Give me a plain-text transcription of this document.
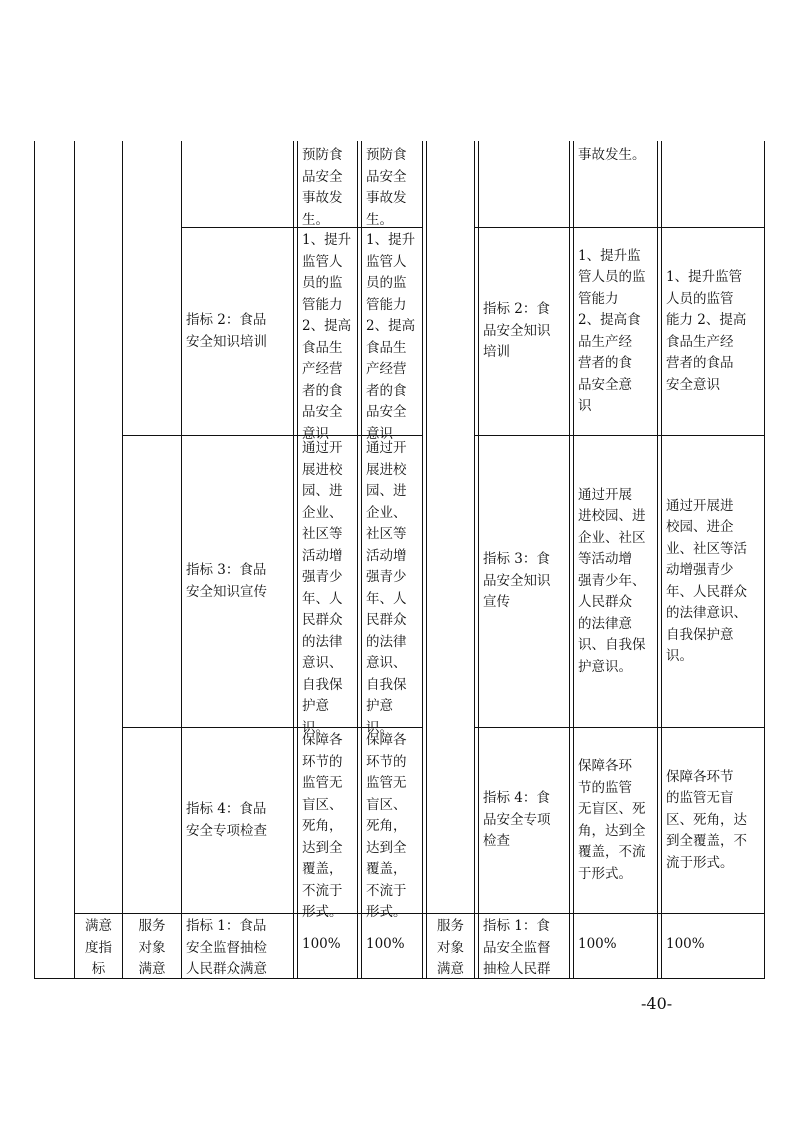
预防食
品安全
事故发
生。
预防食
品安全
事故发
生。
事故发生。
指标 2：食品
安全知识培训
1、提升
监管人
员的监
管能力
2、提高
食品生
产经营
者的食
品安全
意识
1、提升
监管人
员的监
管能力
2、提高
食品生
产经营
者的食
品安全
意识
指标 2：食
品安全知识
培训
1、提升监
管人员的监
管能力
2、提高食
品生产经
营者的食
品安全意
识
1、提升监管
人员的监管
能力 2、提高
食品生产经
营者的食品
安全意识
指标 3：食品
安全知识宣传
通过开
展进校
园、进
企业、
社区等
活动增
强青少
年、人
民群众
的法律
意识、
自我保
护意
识。
通过开
展进校
园、进
企业、
社区等
活动增
强青少
年、人
民群众
的法律
意识、
自我保
护意
识。
指标 3：食
品安全知识
宣传
通过开展
进校园、进
企业、社区
等活动增
强青少年、
人民群众
的法律意
识、自我保
护意识。
通过开展进
校园、进企
业、社区等活
动增强青少
年、人民群众
的法律意识、
自我保护意
识。
指标 4：食品
安全专项检查
保障各
环节的
监管无
盲区、
死角，
达到全
覆盖，
不流于
形式。
保障各
环节的
监管无
盲区、
死角，
达到全
覆盖，
不流于
形式。
指标 4：食
品安全专项
检查
保障各环
节的监管
无盲区、死
角，达到全
覆盖，不流
于形式。
保障各环节
的监管无盲
区、死角，达
到全覆盖，不
流于形式。
满意
度指
标
服务
对象
满意
指标 1：食品
安全监督抽检
人民群众满意
100%	100%
服务
对象
满意
指标 1：食
品安全监督
抽检人民群
100%	100%
-40-
